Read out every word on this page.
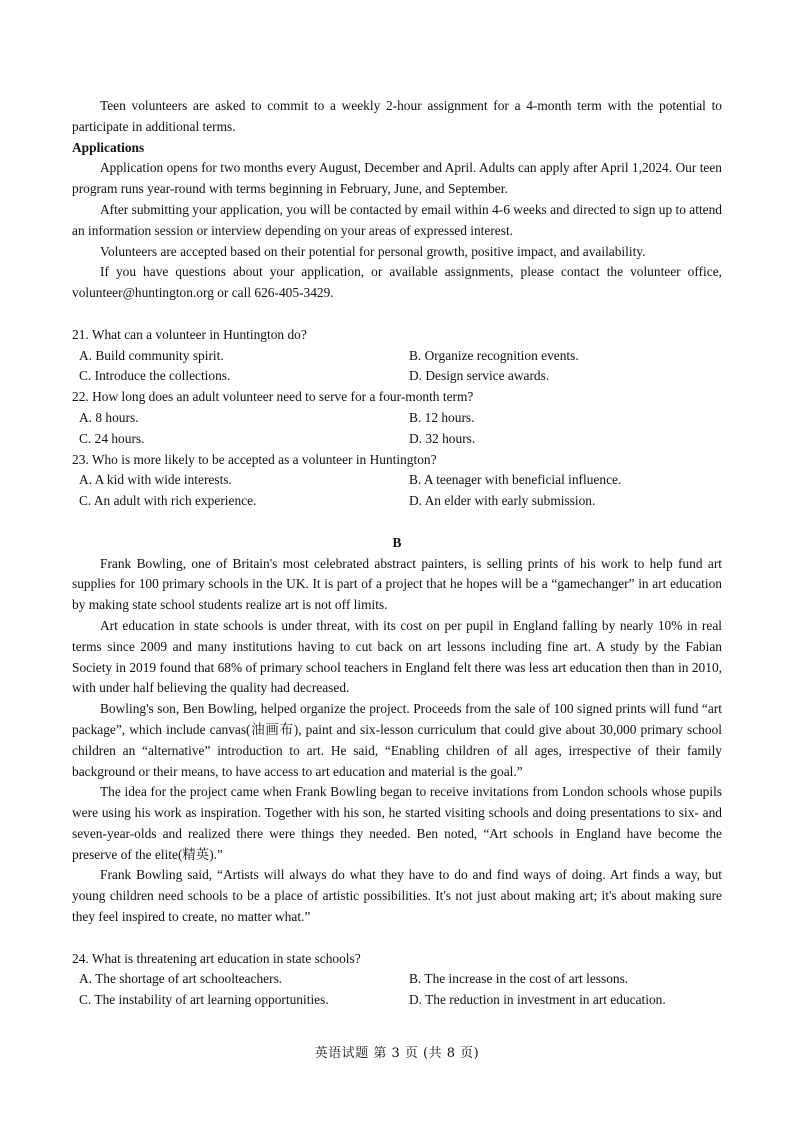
Teen volunteers are asked to commit to a weekly 2-hour assignment for a 4-month term with the potential to participate in additional terms.

Applications

Application opens for two months every August, December and April. Adults can apply after April 1,2024. Our teen program runs year-round with terms beginning in February, June, and September.

After submitting your application, you will be contacted by email within 4-6 weeks and directed to sign up to attend an information session or interview depending on your areas of expressed interest.

Volunteers are accepted based on their potential for personal growth, positive impact, and availability.

If you have questions about your application, or available assignments, please contact the volunteer office, volunteer@huntington.org or call 626-405-3429.

21. What can a volunteer in Huntington do?

A. Build community spirit.	B. Organize recognition events.
C. Introduce the collections.	D. Design service awards.

22. How long does an adult volunteer need to serve for a four-month term?

A. 8 hours.	B. 12 hours.
C. 24 hours.	D. 32 hours.

23. Who is more likely to be accepted as a volunteer in Huntington?

A. A kid with wide interests.	B. A teenager with beneficial influence.
C. An adult with rich experience.	D. An elder with early submission.

B

Frank Bowling, one of Britain's most celebrated abstract painters, is selling prints of his work to help fund art supplies for 100 primary schools in the UK. It is part of a project that he hopes will be a “gamechanger” in art education by making state school students realize art is not off limits.

Art education in state schools is under threat, with its cost on per pupil in England falling by nearly 10% in real terms since 2009 and many institutions having to cut back on art lessons including fine art. A study by the Fabian Society in 2019 found that 68% of primary school teachers in England felt there was less art education then than in 2010, with under half believing the quality had decreased.

Bowling's son, Ben Bowling, helped organize the project. Proceeds from the sale of 100 signed prints will fund “art package”, which include canvas(油画布), paint and six-lesson curriculum that could give about 30,000 primary school children an “alternative” introduction to art. He said, “Enabling children of all ages, irrespective of their family background or their means, to have access to art education and material is the goal.”

The idea for the project came when Frank Bowling began to receive invitations from London schools whose pupils were using his work as inspiration. Together with his son, he started visiting schools and doing presentations to six- and seven-year-olds and realized there were things they needed. Ben noted, “Art schools in England have become the preserve of the elite(精英).”

Frank Bowling said, “Artists will always do what they have to do and find ways of doing. Art finds a way, but young children need schools to be a place of artistic possibilities. It's not just about making art; it's about making sure they feel inspired to create, no matter what.”

24. What is threatening art education in state schools?

A. The shortage of art schoolteachers.	B. The increase in the cost of art lessons.
C. The instability of art learning opportunities.	D. The reduction in investment in art education.
英语试题 第 3 页 (共 8 页)
